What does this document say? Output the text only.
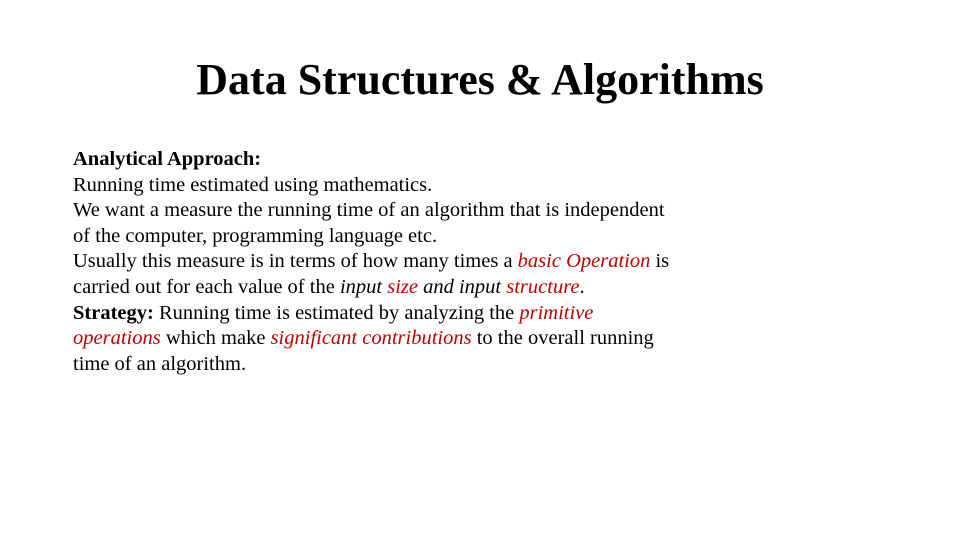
Data Structures & Algorithms
Analytical Approach:
Running time estimated using mathematics.
We want a measure the running time of an algorithm that is independent
of the computer, programming language etc.
Usually this measure is in terms of how many times a basic Operation is
carried out for each value of the input size and input structure.
Strategy: Running time is estimated by analyzing the primitive
operations which make significant contributions to the overall running
time of an algorithm.
